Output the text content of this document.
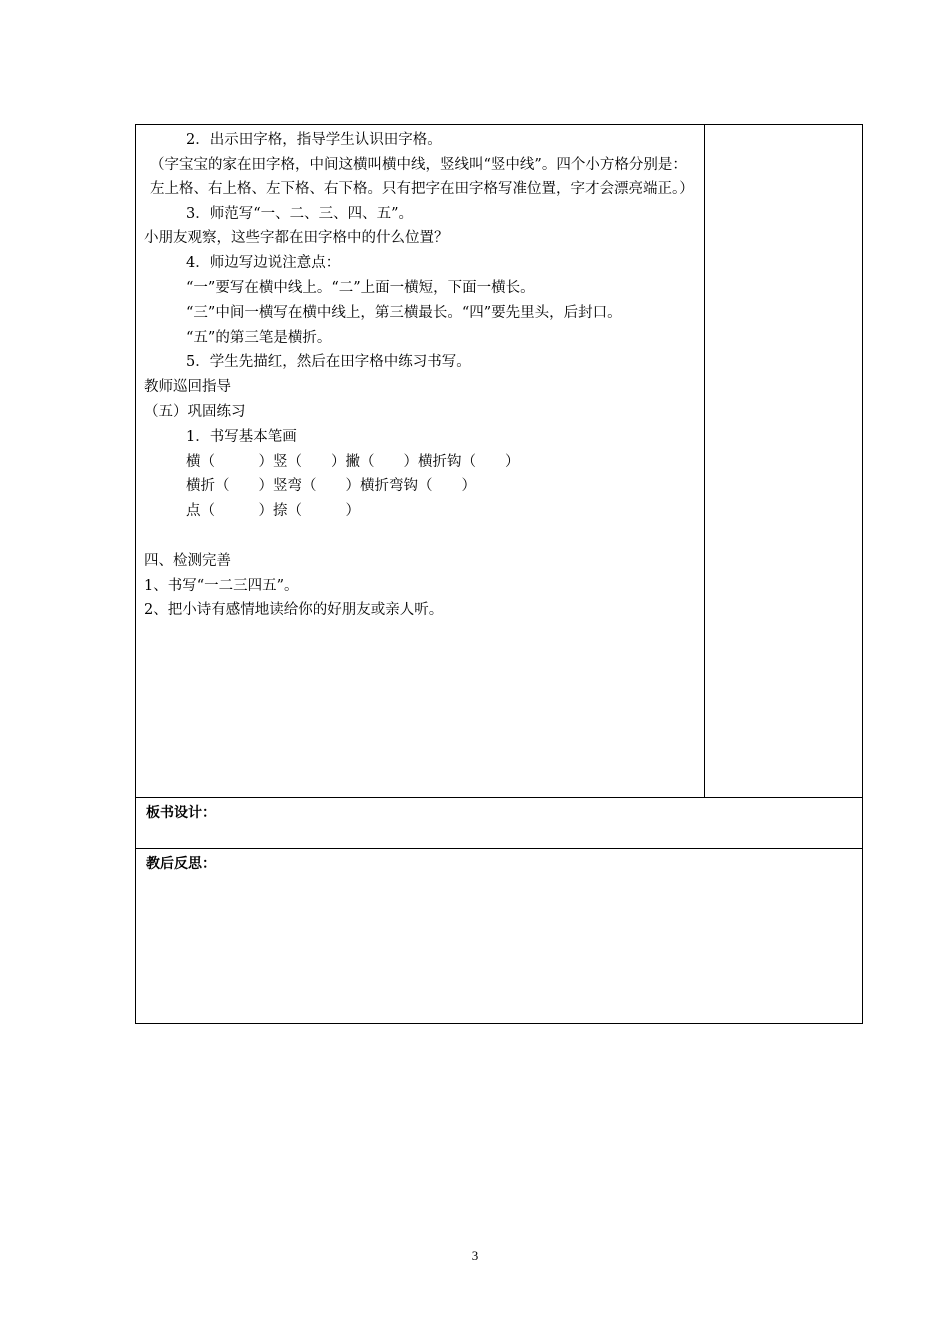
2．出示田字格，指导学生认识田字格。
（字宝宝的家在田字格，中间这横叫横中线，竖线叫“竖中线”。四个小方格分别是：左上格、右上格、左下格、右下格。只有把字在田字格写准位置，字才会漂亮端正。）
3．师范写“一、二、三、四、五”。
小朋友观察，这些字都在田字格中的什么位置？
4．师边写边说注意点：
“一”要写在横中线上。“二”上面一横短，下面一横长。
“三”中间一横写在横中线上，第三横最长。“四”要先里头，后封口。
“五”的第三笔是横折。
5．学生先描红，然后在田字格中练习书写。
教师巡回指导
（五）巩固练习
1．书写基本笔画
横（　　　）竖（　　）撇（　　）横折钩（　　）
横折（　　）竖弯（　　）横折弯钩（　　）
点（　　　）捺（　　　）
四、检测完善
1、书写“一二三四五”。
2、把小诗有感情地读给你的好朋友或亲人听。

板书设计：

教后反思：
3
